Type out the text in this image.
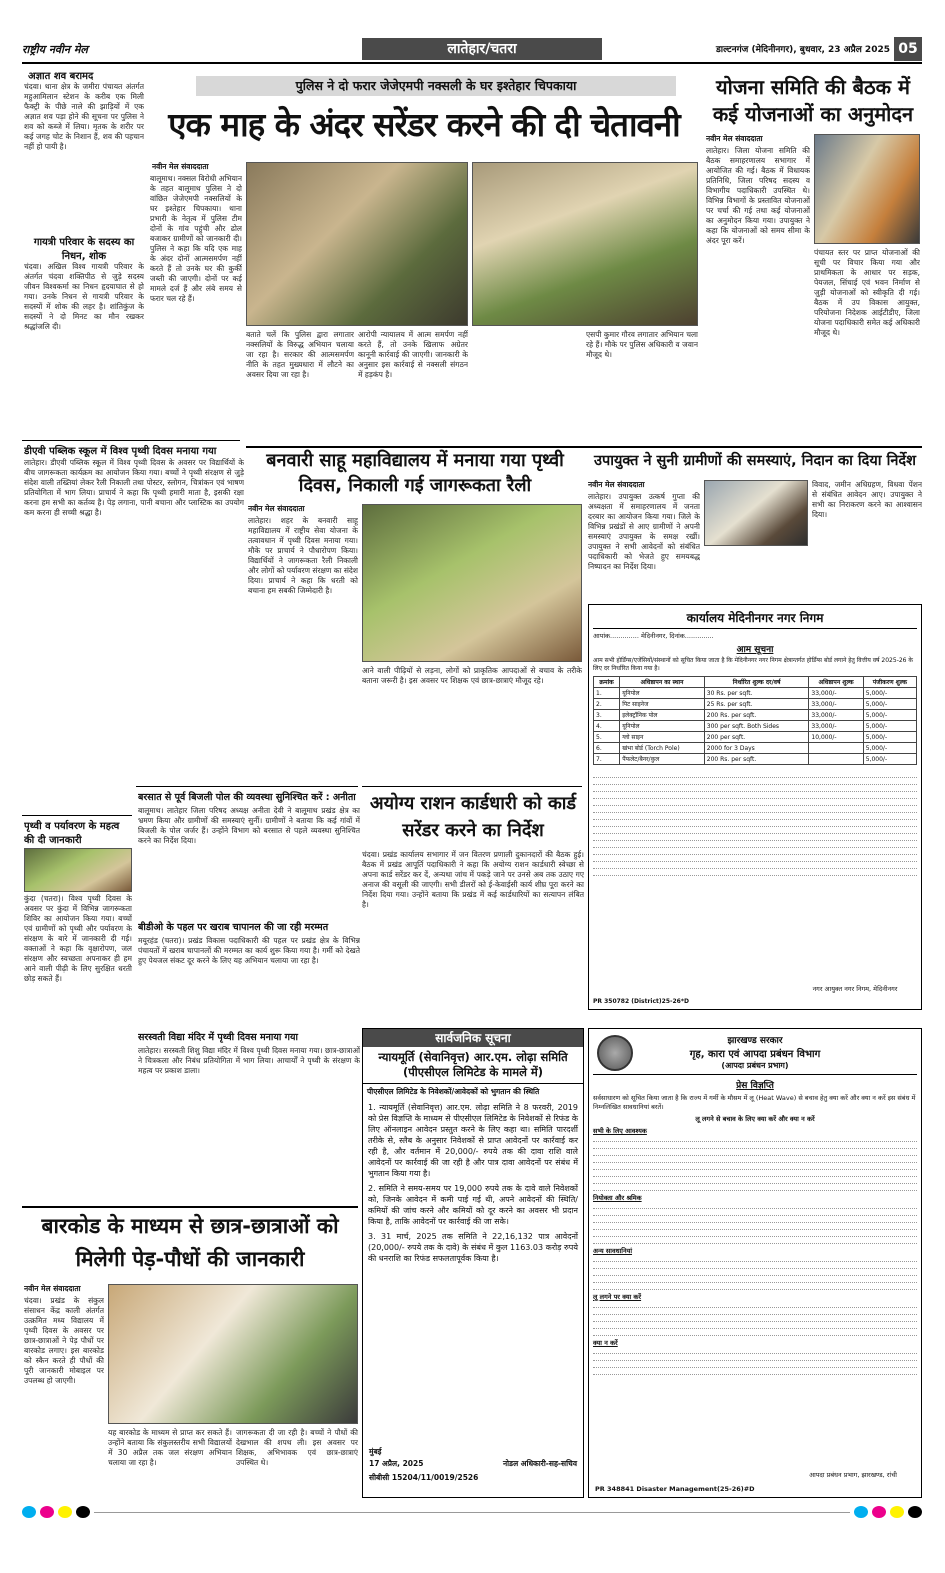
राष्ट्रीय नवीन मेल	लातेहार/चतरा	डाल्टनगंज (मेदिनीनगर), बुधवार, 23 अप्रैल 2025 05
अज्ञात शव बरामद
चंदवा। थाना क्षेत्र के जमीरा पंचायत अंतर्गत महुआमिलान स्टेशन के करीब एक मिली फैक्ट्री के पीछे नाले की झाड़ियों में एक अज्ञात शव पड़ा होने की सूचना पर पुलिस ने शव को कब्जे में लिया। मृतक के शरीर पर कई जगह चोट के निशान हैं, शव की पहचान नहीं हो पायी है।
गायत्री परिवार के सदस्य का निधन, शोक
चंदवा। अखिल विश्व गायत्री परिवार के अंतर्गत चंदवा शक्तिपीठ से जुड़े सदस्य जीवन विश्वकर्मा का निधन हृदयाघात से हो गया। उनके निधन से गायत्री परिवार के सदस्यों में शोक की लहर है। शांतिकुंज के सदस्यों ने दो मिनट का मौन रखकर श्रद्धांजलि दी।
डीएवी पब्लिक स्कूल में विश्व पृथ्वी दिवस मनाया गया
लातेहार। डीएवी पब्लिक स्कूल में विश्व पृथ्वी दिवस के अवसर पर विद्यार्थियों के बीच जागरूकता कार्यक्रम का आयोजन किया गया। बच्चों ने पृथ्वी संरक्षण से जुड़े संदेश वाली तख्तियां लेकर रैली निकाली तथा पोस्टर, स्लोगन, चित्रांकन एवं भाषण प्रतियोगिता में भाग लिया। प्राचार्य ने कहा कि पृथ्वी हमारी माता है, इसकी रक्षा करना हम सभी का कर्तव्य है। पेड़ लगाना, पानी बचाना और प्लास्टिक का उपयोग कम करना ही सच्ची श्रद्धा है।
पृथ्वी व पर्यावरण के महत्व की दी जानकारी
कुंदा (चतरा)। विश्व पृथ्वी दिवस के अवसर पर कुंदा में विभिन्न जागरूकता शिविर का आयोजन किया गया। बच्चों एवं ग्रामीणों को पृथ्वी और पर्यावरण के संरक्षण के बारे में जानकारी दी गई। वक्ताओं ने कहा कि वृक्षारोपण, जल संरक्षण और स्वच्छता अपनाकर ही हम आने वाली पीढ़ी के लिए सुरक्षित धरती छोड़ सकते हैं।
पुलिस ने दो फरार जेजेएमपी नक्सली के घर इश्तेहार चिपकाया
एक माह के अंदर सरेंडर करने की दी चेतावनी
नवीन मेल संवाददाता
बालूमाथ। नक्सल विरोधी अभियान के तहत बालूमाथ पुलिस ने दो वांछित जेजेएमपी नक्सलियों के घर इश्तेहार चिपकाया। थाना प्रभारी के नेतृत्व में पुलिस टीम दोनों के गांव पहुंची और ढोल बजाकर ग्रामीणों को जानकारी दी। पुलिस ने कहा कि यदि एक माह के अंदर दोनों आत्मसमर्पण नहीं करते हैं तो उनके घर की कुर्की जब्ती की जाएगी। दोनों पर कई मामले दर्ज हैं और लंबे समय से फरार चल रहे हैं।
बताते चलें कि पुलिस द्वारा लगातार नक्सलियों के विरुद्ध अभियान चलाया जा रहा है। सरकार की आत्मसमर्पण नीति के तहत मुख्यधारा में लौटने का अवसर दिया जा रहा है।
आरोपी न्यायालय में आत्म समर्पण नहीं करते हैं, तो उनके खिलाफ अग्रेतर कानूनी कार्रवाई की जाएगी। जानकारी के अनुसार इस कार्रवाई से नक्सली संगठन में हड़कंप है।
एसपी कुमार गौरव लगातार अभियान चला रहे हैं। मौके पर पुलिस अधिकारी व जवान मौजूद थे।
योजना समिति की बैठक में कई योजनाओं का अनुमोदन
नवीन मेल संवाददाता
लातेहार। जिला योजना समिति की बैठक समाहरणालय सभागार में आयोजित की गई। बैठक में विधायक प्रतिनिधि, जिला परिषद सदस्य व विभागीय पदाधिकारी उपस्थित थे। विभिन्न विभागों के प्रस्तावित योजनाओं पर चर्चा की गई तथा कई योजनाओं का अनुमोदन किया गया। उपायुक्त ने कहा कि योजनाओं को समय सीमा के अंदर पूरा करें।
पंचायत स्तर पर प्राप्त योजनाओं की सूची पर विचार किया गया और प्राथमिकता के आधार पर सड़क, पेयजल, सिंचाई एवं भवन निर्माण से जुड़ी योजनाओं को स्वीकृति दी गई। बैठक में उप विकास आयुक्त, परियोजना निदेशक आईटीडीए, जिला योजना पदाधिकारी समेत कई अधिकारी मौजूद थे।
बनवारी साहू महाविद्यालय में मनाया गया पृथ्वी दिवस, निकाली गई जागरूकता रैली
नवीन मेल संवाददाता
लातेहार। शहर के बनवारी साहू महाविद्यालय में राष्ट्रीय सेवा योजना के तत्वावधान में पृथ्वी दिवस मनाया गया। मौके पर प्राचार्य ने पौधारोपण किया। विद्यार्थियों ने जागरूकता रैली निकाली और लोगों को पर्यावरण संरक्षण का संदेश दिया। प्राचार्य ने कहा कि धरती को बचाना हम सबकी जिम्मेदारी है।
आने वाली पीढ़ियों से लड़ना, लोगों को प्राकृतिक आपदाओं से बचाव के तरीके बताना जरूरी है। इस अवसर पर शिक्षक एवं छात्र-छात्राएं मौजूद रहे।
अयोग्य राशन कार्डधारी को कार्ड सरेंडर करने का निर्देश
चंदवा। प्रखंड कार्यालय सभागार में जन वितरण प्रणाली दुकानदारों की बैठक हुई। बैठक में प्रखंड आपूर्ति पदाधिकारी ने कहा कि अयोग्य राशन कार्डधारी स्वेच्छा से अपना कार्ड सरेंडर कर दें, अन्यथा जांच में पकड़े जाने पर उनसे अब तक उठाए गए अनाज की वसूली की जाएगी। सभी डीलरों को ई-केवाईसी कार्य शीघ्र पूरा करने का निर्देश दिया गया। उन्होंने बताया कि प्रखंड में कई कार्डधारियों का सत्यापन लंबित है।
बरसात से पूर्व बिजली पोल की व्यवस्था सुनिश्चित करें : अनीता
बालूमाथ। लातेहार जिला परिषद अध्यक्ष अनीता देवी ने बालूमाथ प्रखंड क्षेत्र का भ्रमण किया और ग्रामीणों की समस्याएं सुनीं। ग्रामीणों ने बताया कि कई गांवों में बिजली के पोल जर्जर हैं। उन्होंने विभाग को बरसात से पहले व्यवस्था सुनिश्चित करने का निर्देश दिया।
बीडीओ के पहल पर खराब चापानल की जा रही मरम्मत
मयूरहंड (चतरा)। प्रखंड विकास पदाधिकारी की पहल पर प्रखंड क्षेत्र के विभिन्न पंचायतों में खराब चापानलों की मरम्मत का कार्य शुरू किया गया है। गर्मी को देखते हुए पेयजल संकट दूर करने के लिए यह अभियान चलाया जा रहा है।
सरस्वती विद्या मंदिर में पृथ्वी दिवस मनाया गया
लातेहार। सरस्वती शिशु विद्या मंदिर में विश्व पृथ्वी दिवस मनाया गया। छात्र-छात्राओं ने चित्रकला और निबंध प्रतियोगिता में भाग लिया। आचार्यों ने पृथ्वी के संरक्षण के महत्व पर प्रकाश डाला।
उपायुक्त ने सुनी ग्रामीणों की समस्याएं, निदान का दिया निर्देश
नवीन मेल संवाददाता
लातेहार। उपायुक्त उत्कर्ष गुप्ता की अध्यक्षता में समाहरणालय में जनता दरबार का आयोजन किया गया। जिले के विभिन्न प्रखंडों से आए ग्रामीणों ने अपनी समस्याएं उपायुक्त के समक्ष रखीं। उपायुक्त ने सभी आवेदनों को संबंधित पदाधिकारी को भेजते हुए समयबद्ध निष्पादन का निर्देश दिया।
विवाद, जमीन अधिग्रहण, विधवा पेंशन से संबंधित आवेदन आए। उपायुक्त ने सभी का निराकरण करने का आश्वासन दिया।
कार्यालय मेदिनीनगर नगर निगम
आपांक.............. मेदिनीनगर, दिनांक..............
आम सूचना
आम सभी होर्डिंग्स/एजेंसियों/संस्थानों को सूचित किया जाता है कि मेदिनीनगर नगर निगम क्षेत्रान्तर्गत होर्डिंग्स बोर्ड लगाने हेतु वित्तीय वर्ष 2025-26 के लिए दर निर्धारित किया गया है।
क्रमांक	अधिष्ठापन का स्थान	निर्धारित शुल्क दर/वर्ष	अधिष्ठापन शुल्क	पंजीकरण शुल्क
1.	यूनिपोल	30 Rs. per sqft.	33,000/-	5,000/-
2.	पिट साइनेज	25 Rs. per sqft.	33,000/-	5,000/-
3.	इलेक्ट्रॉनिक पोल	200 Rs. per sqft.	33,000/-	5,000/-
4.	यूनिपोल	300 per sqft. Both Sides	33,000/-	5,000/-
5.	ग्लो साइन	200 per sqft.	10,000/-	5,000/-
6.	खंभा बोर्ड (Torch Pole)	2000 for 3 Days		5,000/-
7.	पैंफलेट/बैनर/कुल	200 Rs. per sqft.		5,000/-
नगर आयुक्त नगर निगम, मेदिनीनगर
PR 350782 (District)25-26*D
सार्वजनिक सूचना
न्यायमूर्ति (सेवानिवृत्त) आर.एम. लोढ़ा समिति (पीएसीएल लिमिटेड के मामले में)
पीएसीएल लिमिटेड के निवेशकों/आवेदकों को भुगतान की स्थिति
1. न्यायमूर्ति (सेवानिवृत्त) आर.एम. लोढ़ा समिति ने 8 फरवरी, 2019 को प्रेस विज्ञप्ति के माध्यम से पीएसीएल लिमिटेड के निवेशकों से रिफंड के लिए ऑनलाइन आवेदन प्रस्तुत करने के लिए कहा था। समिति पारदर्शी तरीके से, स्लैब के अनुसार निवेशकों से प्राप्त आवेदनों पर कार्रवाई कर रही है, और वर्तमान में 20,000/- रुपये तक की दावा राशि वाले आवेदनों पर कार्रवाई की जा रही है और पात्र दावा आवेदनों पर संबंध में भुगतान किया गया है।
2. समिति ने समय-समय पर 19,000 रुपये तक के दावे वाले निवेशकों को, जिनके आवेदन में कमी पाई गई थी, अपने आवेदनों की स्थिति/कमियों की जांच करने और कमियों को दूर करने का अवसर भी प्रदान किया है, ताकि आवेदनों पर कार्रवाई की जा सके।
3. 31 मार्च, 2025 तक समिति ने 22,16,132 पात्र आवेदनों (20,000/- रुपये तक के दावे) के संबंध में कुल 1163.03 करोड़ रुपये की धनराशि का रिफंड सफलतापूर्वक किया है।
मुंबई
17 अप्रैल, 2025	नोडल अधिकारी-सह-सचिव
सीबीसी 15204/11/0019/2526
झारखण्ड सरकार
गृह, कारा एवं आपदा प्रबंधन विभाग
(आपदा प्रबंधन प्रभाग)
प्रेस विज्ञप्ति
सर्वसाधारण को सूचित किया जाता है कि राज्य में गर्मी के मौसम में लू (Heat Wave) से बचाव हेतु क्या करें और क्या न करें इस संबंध में निम्नलिखित सावधानियां बरतें।
लू लगने से बचाव के लिए क्या करें और क्या न करें
सभी के लिए आवश्यक
नियोक्ता और श्रमिक
अन्य सावधानियां
लू लगने पर क्या करें
क्या न करें
आपदा प्रबंधन प्रभाग, झारखण्ड, रांची
PR 348841 Disaster Management(25-26)#D
बारकोड के माध्यम से छात्र-छात्राओं को मिलेगी पेड़-पौधों की जानकारी
नवीन मेल संवाददाता
चंदवा। प्रखंड के संकुल संसाधन केंद्र काली अंतर्गत उत्क्रमित मध्य विद्यालय में पृथ्वी दिवस के अवसर पर छात्र-छात्राओं ने पेड़ पौधों पर बारकोड लगाए। इस बारकोड को स्कैन करते ही पौधों की पूरी जानकारी मोबाइल पर उपलब्ध हो जाएगी।
यह बारकोड के माध्यम से प्राप्त कर सकते हैं। उन्होंने बताया कि संकुलस्तरीय सभी विद्यालयों में 30 अप्रैल तक जल संरक्षण अभियान चलाया जा रहा है।
जागरूकता दी जा रही है। बच्चों ने पौधों की देखभाल की शपथ ली। इस अवसर पर शिक्षक, अभिभावक एवं छात्र-छात्राएं उपस्थित थे।
